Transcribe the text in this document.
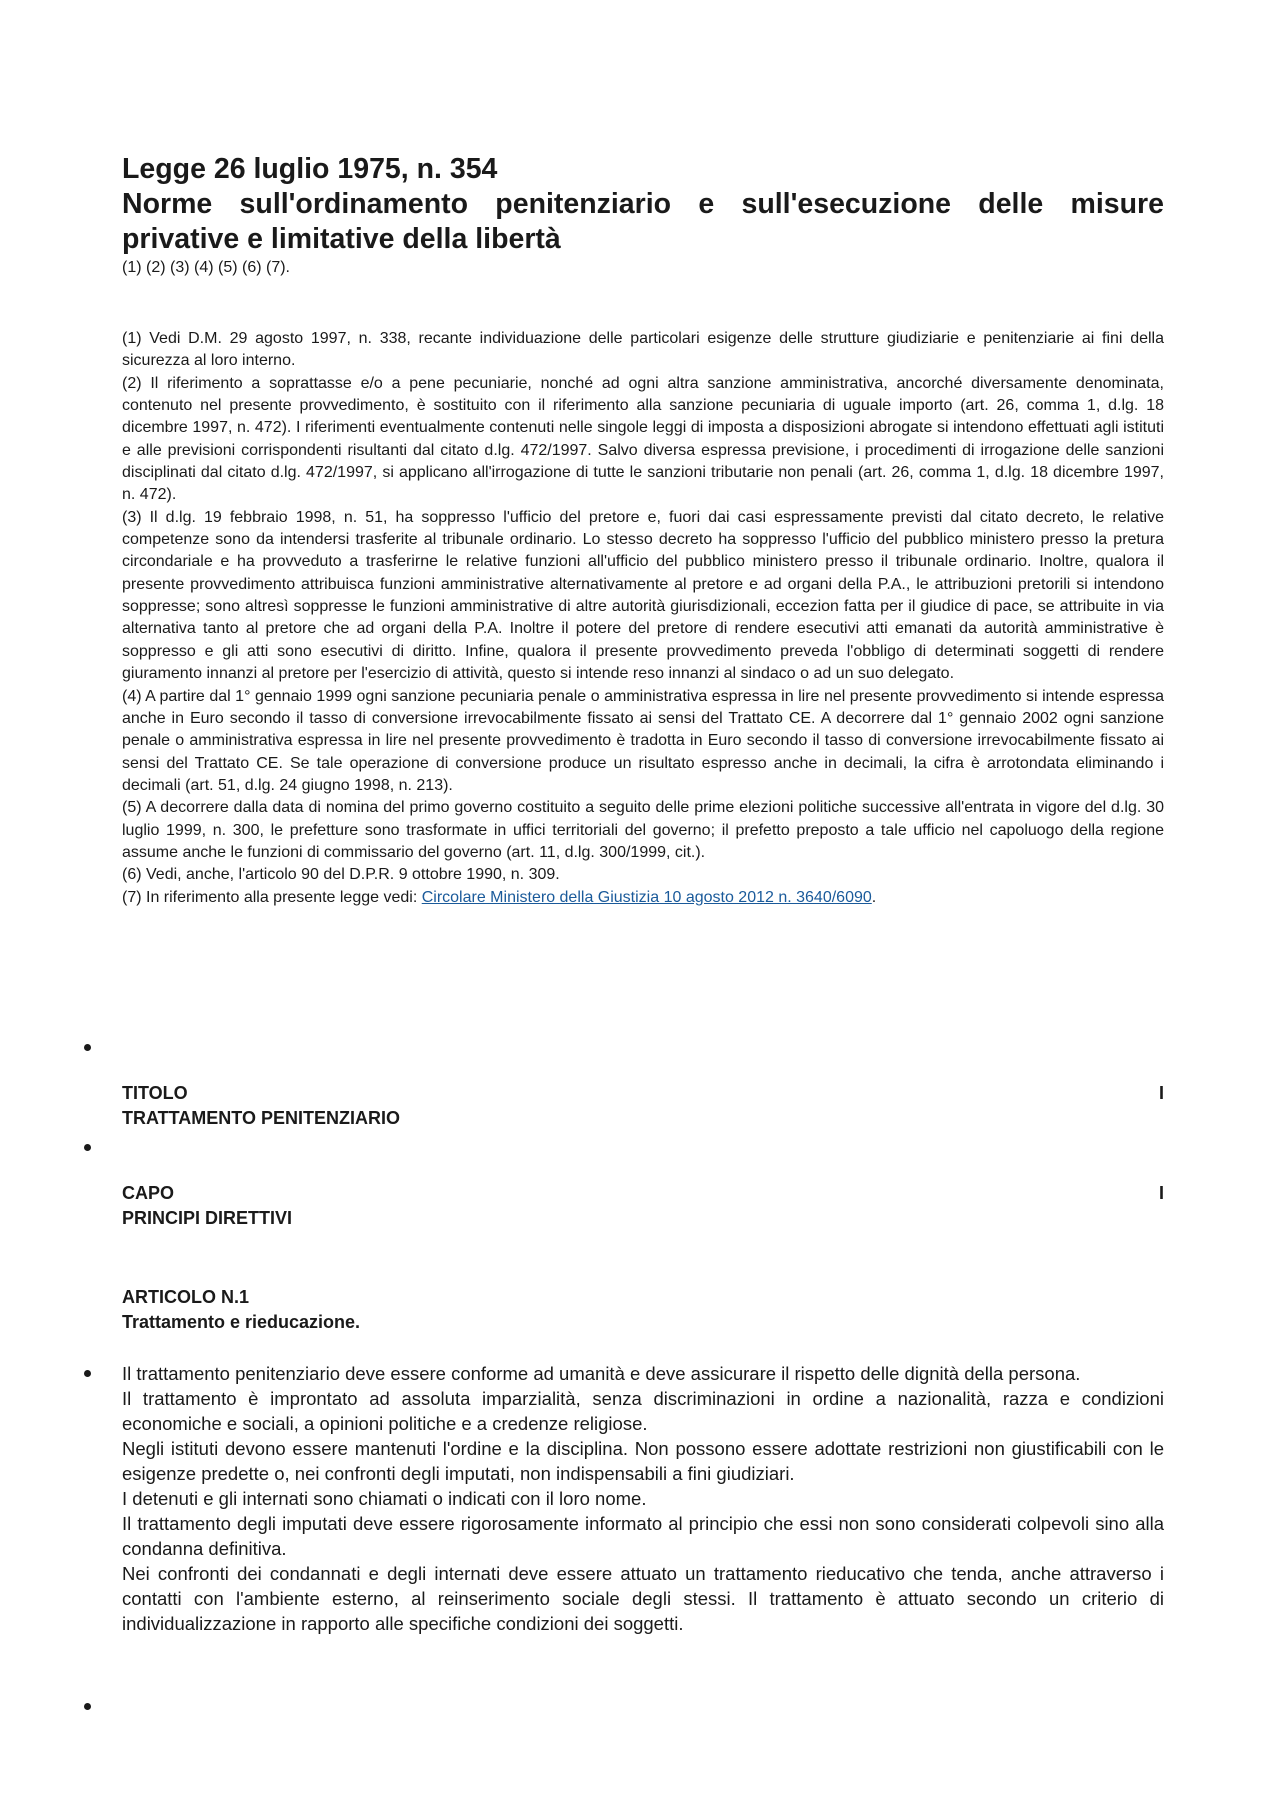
Legge 26 luglio 1975, n. 354
Norme sull'ordinamento penitenziario e sull'esecuzione delle misure privative e limitative della libertà
(1) (2) (3) (4) (5) (6) (7).

(1) Vedi D.M. 29 agosto 1997, n. 338, recante individuazione delle particolari esigenze delle strutture giudiziarie e penitenziarie ai fini della sicurezza al loro interno.

(2) Il riferimento a soprattasse e/o a pene pecuniarie, nonché ad ogni altra sanzione amministrativa, ancorché diversamente denominata, contenuto nel presente provvedimento, è sostituito con il riferimento alla sanzione pecuniaria di uguale importo (art. 26, comma 1, d.lg. 18 dicembre 1997, n. 472). I riferimenti eventualmente contenuti nelle singole leggi di imposta a disposizioni abrogate si intendono effettuati agli istituti e alle previsioni corrispondenti risultanti dal citato d.lg. 472/1997. Salvo diversa espressa previsione, i procedimenti di irrogazione delle sanzioni disciplinati dal citato d.lg. 472/1997, si applicano all'irrogazione di tutte le sanzioni tributarie non penali (art. 26, comma 1, d.lg. 18 dicembre 1997, n. 472).

(3) Il d.lg. 19 febbraio 1998, n. 51, ha soppresso l'ufficio del pretore e, fuori dai casi espressamente previsti dal citato decreto, le relative competenze sono da intendersi trasferite al tribunale ordinario. Lo stesso decreto ha soppresso l'ufficio del pubblico ministero presso la pretura circondariale e ha provveduto a trasferirne le relative funzioni all'ufficio del pubblico ministero presso il tribunale ordinario. Inoltre, qualora il presente provvedimento attribuisca funzioni amministrative alternativamente al pretore e ad organi della P.A., le attribuzioni pretorili si intendono soppresse; sono altresì soppresse le funzioni amministrative di altre autorità giurisdizionali, eccezion fatta per il giudice di pace, se attribuite in via alternativa tanto al pretore che ad organi della P.A. Inoltre il potere del pretore di rendere esecutivi atti emanati da autorità amministrative è soppresso e gli atti sono esecutivi di diritto. Infine, qualora il presente provvedimento preveda l'obbligo di determinati soggetti di rendere giuramento innanzi al pretore per l'esercizio di attività, questo si intende reso innanzi al sindaco o ad un suo delegato.

(4) A partire dal 1° gennaio 1999 ogni sanzione pecuniaria penale o amministrativa espressa in lire nel presente provvedimento si intende espressa anche in Euro secondo il tasso di conversione irrevocabilmente fissato ai sensi del Trattato CE. A decorrere dal 1° gennaio 2002 ogni sanzione penale o amministrativa espressa in lire nel presente provvedimento è tradotta in Euro secondo il tasso di conversione irrevocabilmente fissato ai sensi del Trattato CE. Se tale operazione di conversione produce un risultato espresso anche in decimali, la cifra è arrotondata eliminando i decimali (art. 51, d.lg. 24 giugno 1998, n. 213).

(5) A decorrere dalla data di nomina del primo governo costituito a seguito delle prime elezioni politiche successive all'entrata in vigore del d.lg. 30 luglio 1999, n. 300, le prefetture sono trasformate in uffici territoriali del governo; il prefetto preposto a tale ufficio nel capoluogo della regione assume anche le funzioni di commissario del governo (art. 11, d.lg. 300/1999, cit.).

(6) Vedi, anche, l'articolo 90 del D.P.R. 9 ottobre 1990, n. 309.

(7) In riferimento alla presente legge vedi: Circolare Ministero della Giustizia 10 agosto 2012 n. 3640/6090.

TITOLO	I
TRATTAMENTO PENITENZIARIO
CAPO	I
PRINCIPI DIRETTIVI
ARTICOLO N.1
Trattamento e rieducazione.

Il trattamento penitenziario deve essere conforme ad umanità e deve assicurare il rispetto delle dignità della persona.

Il trattamento è improntato ad assoluta imparzialità, senza discriminazioni in ordine a nazionalità, razza e condizioni economiche e sociali, a opinioni politiche e a credenze religiose.

Negli istituti devono essere mantenuti l'ordine e la disciplina. Non possono essere adottate restrizioni non giustificabili con le esigenze predette o, nei confronti degli imputati, non indispensabili a fini giudiziari.

I detenuti e gli internati sono chiamati o indicati con il loro nome.

Il trattamento degli imputati deve essere rigorosamente informato al principio che essi non sono considerati colpevoli sino alla condanna definitiva.

Nei confronti dei condannati e degli internati deve essere attuato un trattamento rieducativo che tenda, anche attraverso i contatti con l'ambiente esterno, al reinserimento sociale degli stessi. Il trattamento è attuato secondo un criterio di individualizzazione in rapporto alle specifiche condizioni dei soggetti.
